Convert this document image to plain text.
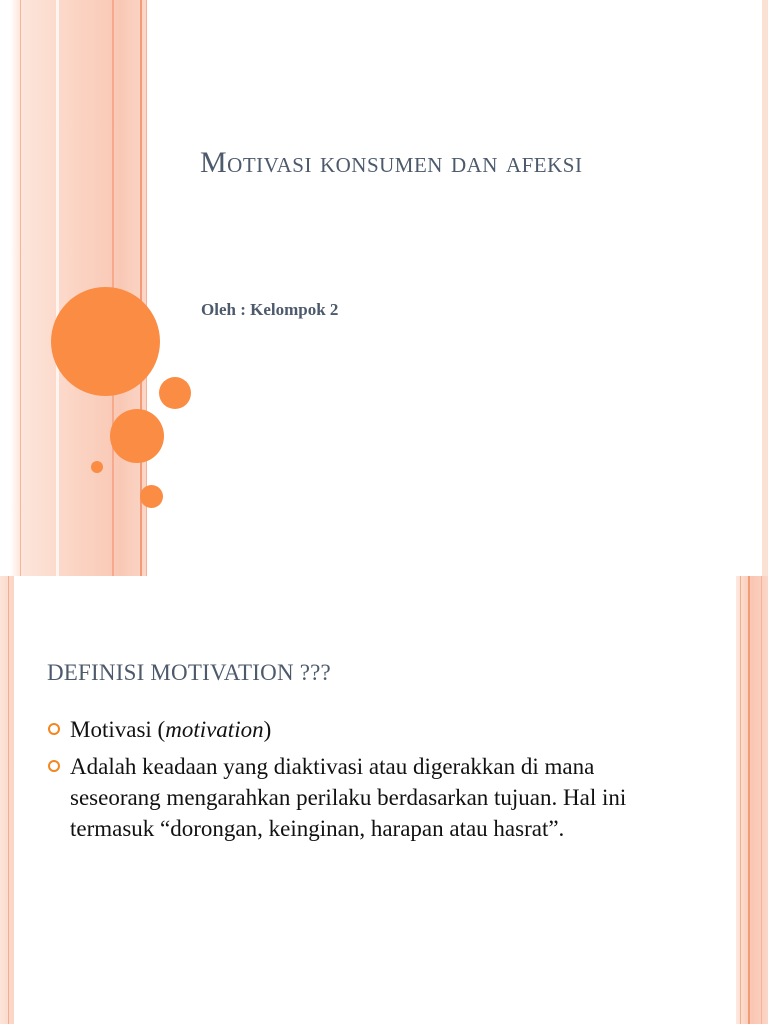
Motivasi konsumen dan afeksi

Oleh : Kelompok 2

DEFINISI MOTIVATION ???
Motivasi (motivation)
Adalah keadaan yang diaktivasi atau digerakkan di mana seseorang mengarahkan perilaku berdasarkan tujuan. Hal ini termasuk “dorongan, keinginan, harapan atau hasrat”.
